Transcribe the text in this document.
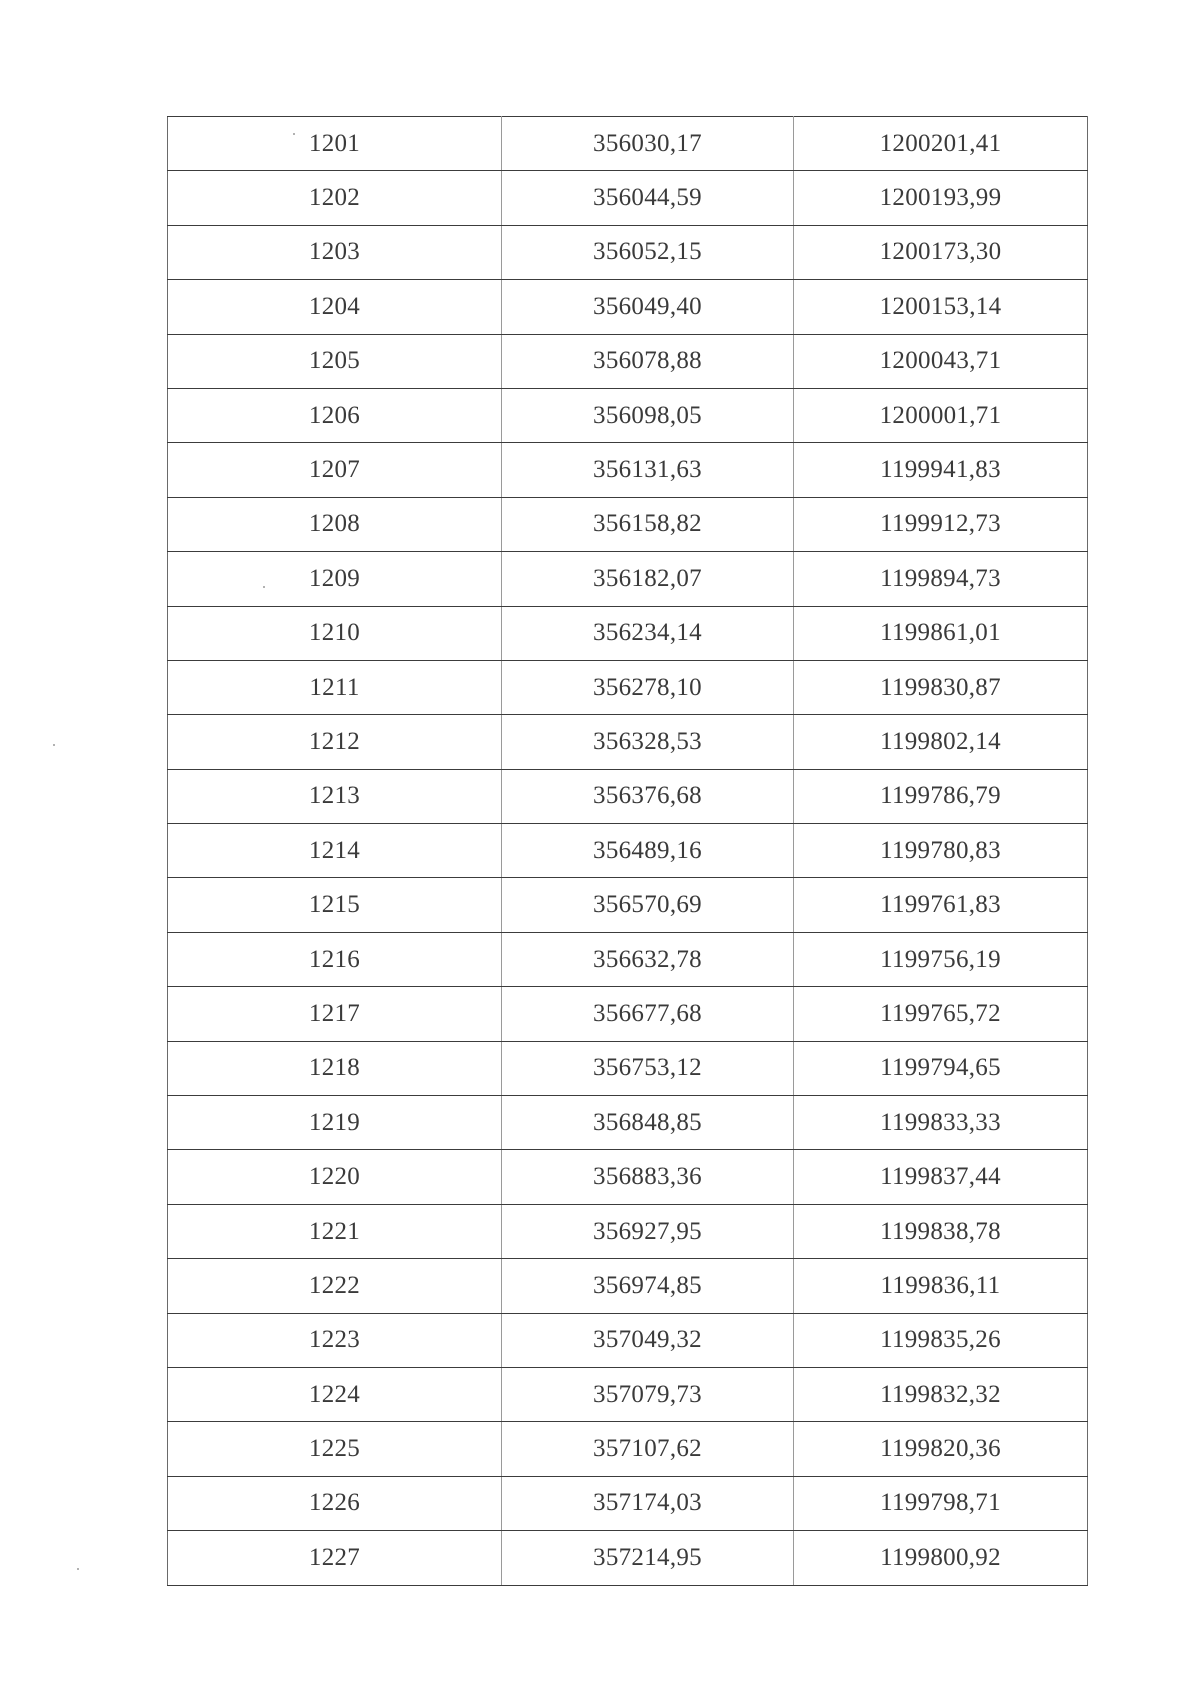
1201	356030,17	1200201,41
1202	356044,59	1200193,99
1203	356052,15	1200173,30
1204	356049,40	1200153,14
1205	356078,88	1200043,71
1206	356098,05	1200001,71
1207	356131,63	1199941,83
1208	356158,82	1199912,73
1209	356182,07	1199894,73
1210	356234,14	1199861,01
1211	356278,10	1199830,87
1212	356328,53	1199802,14
1213	356376,68	1199786,79
1214	356489,16	1199780,83
1215	356570,69	1199761,83
1216	356632,78	1199756,19
1217	356677,68	1199765,72
1218	356753,12	1199794,65
1219	356848,85	1199833,33
1220	356883,36	1199837,44
1221	356927,95	1199838,78
1222	356974,85	1199836,11
1223	357049,32	1199835,26
1224	357079,73	1199832,32
1225	357107,62	1199820,36
1226	357174,03	1199798,71
1227	357214,95	1199800,92
